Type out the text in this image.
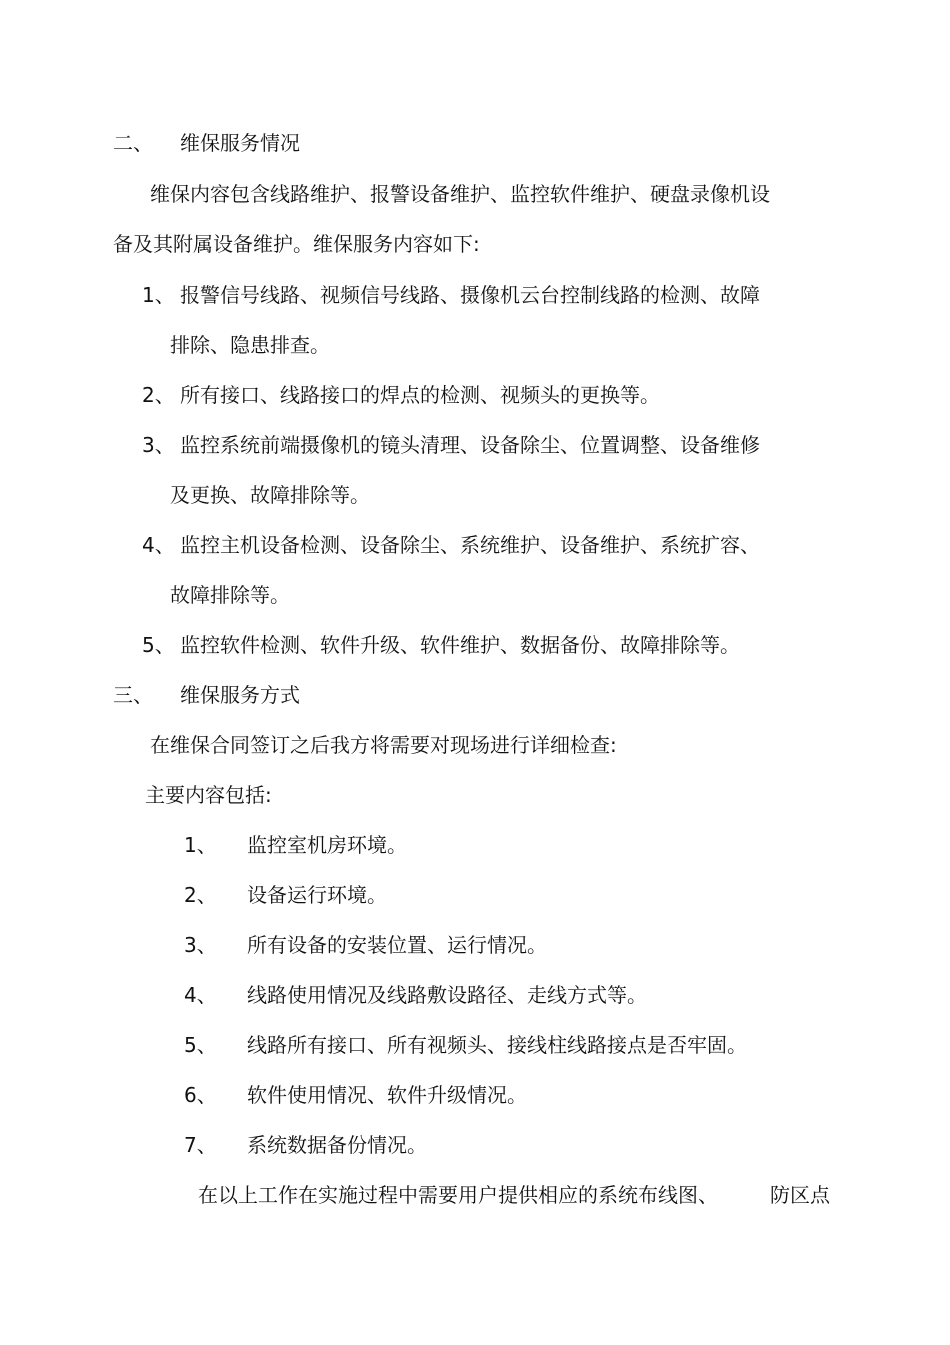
二、 维保服务情况
维保内容包含线路维护、报警设备维护、监控软件维护、硬盘录像机设
备及其附属设备维护。维保服务内容如下:
1、 报警信号线路、视频信号线路、摄像机云台控制线路的检测、故障
排除、隐患排查。
2、 所有接口、线路接口的焊点的检测、视频头的更换等。
3、 监控系统前端摄像机的镜头清理、设备除尘、位置调整、设备维修
及更换、故障排除等。
4、 监控主机设备检测、设备除尘、系统维护、设备维护、系统扩容、
故障排除等。
5、 监控软件检测、软件升级、软件维护、数据备份、故障排除等。
三、 维保服务方式
在维保合同签订之后我方将需要对现场进行详细检查:
主要内容包括:
1、 监控室机房环境。
2、 设备运行环境。
3、 所有设备的安装位置、运行情况。
4、 线路使用情况及线路敷设路径、走线方式等。
5、 线路所有接口、所有视频头、接线柱线路接点是否牢固。
6、 软件使用情况、软件升级情况。
7、 系统数据备份情况。
在以上工作在实施过程中需要用户提供相应的系统布线图、	防区点
